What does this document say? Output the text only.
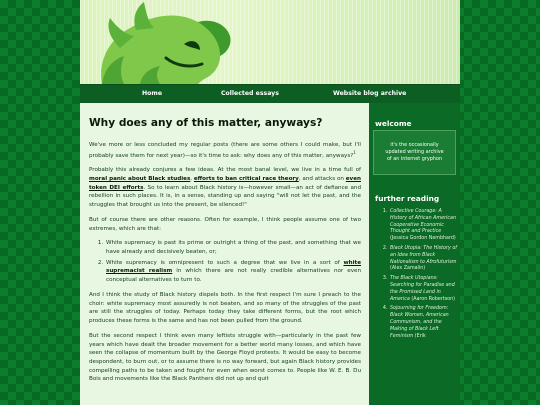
Home	Collected essays	Website blog archive
Why does any of this matter, anyways?

We've more or less concluded my regular posts (there are some others I could make, but I'll probably save them for next year)—so it's time to ask: why does any of this matter, anyways?$^1$

Probably this already conjures a few ideas. At the most banal level, we live in a time full of moral panic about Black studies, efforts to ban critical race theory, and attacks on even token DEI efforts. So to learn about Black history is—however small—an act of defiance and rebellion in such places. It is, in a sense, standing up and saying "will not let the past, and the struggles that brought us into the present, be silenced!"

But of course there are other reasons. Often for example, I think people assume one of two extremes, which are that:

1. White supremacy is past its prime or outright a thing of the past, and something that we have already and decisively beaten, or;
2. White supremacy is omnipresent to such a degree that we live in a sort of white supremacist realism in which there are not really credible alternatives nor even conceptual alternatives to turn to.

And I think the study of Black history dispels both. In the first respect I'm sure I preach to the choir: white supremacy most assuredly is not beaten, and so many of the struggles of the past are still the struggles of today. Perhaps today they take different forms, but the root which produces these forms is the same and has not been pulled from the ground.

But the second respect I think even many leftists struggle with—particularly in the past few years which have dealt the broader movement for a better world many losses, and which have seen the collapse of momentum built by the George Floyd protests. It would be easy to become despondent, to burn out, or to assume there is no way forward, but again Black history provides compelling paths to be taken and fought for even when worst comes to. People like W. E. B. Du Bois and movements like the Black Panthers did not up and quit

welcome
it's the occasionally updated writing archive of an internet gryphon
further reading
1. Collective Courage: A History of African American Cooperative Economic Thought and Practice (Jessica Gordon Nembhard)
2. Black Utopia: The History of an Idea from Black Nationalism to Afrofuturism (Alex Zamalin)
3. The Black Utopians: Searching for Paradise and the Promised Land in America (Aaron Robertson)
4. Sojourning for Freedom: Black Women, American Communism, and the Making of Black Left Feminism (Erik
